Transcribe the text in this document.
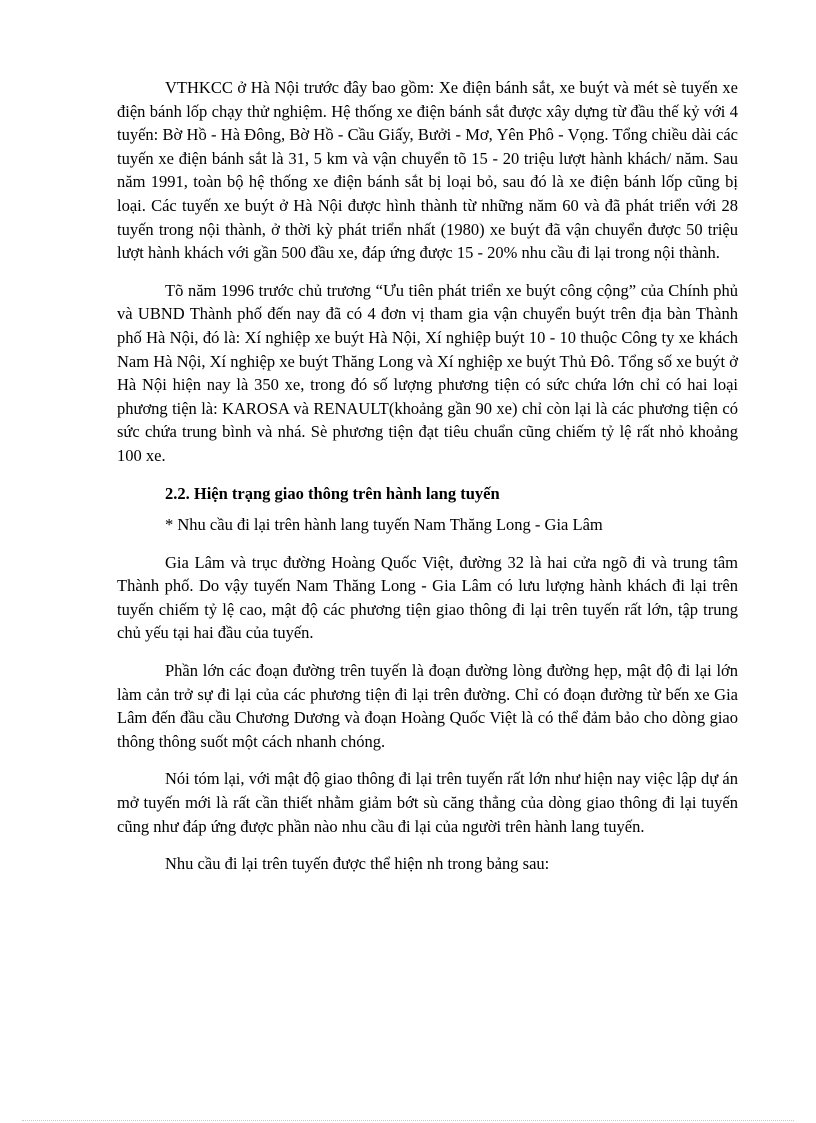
VTHKCC ở Hà Nội trước đây bao gồm: Xe điện bánh sắt, xe buýt và mét sè tuyến xe điện bánh lốp chạy thử nghiệm. Hệ thống xe điện bánh sắt được xây dựng từ đầu thế kỷ với 4 tuyến: Bờ Hồ - Hà Đông, Bờ Hồ - Cầu Giấy, Bưởi - Mơ, Yên Phô - Vọng. Tổng chiều dài các tuyến xe điện bánh sắt là 31, 5 km và vận chuyển tõ 15 - 20 triệu lượt hành khách/ năm. Sau năm 1991, toàn bộ hệ thống xe điện bánh sắt bị loại bỏ, sau đó là xe điện bánh lốp cũng bị loại. Các tuyến xe buýt ở Hà Nội được hình thành từ những năm 60 và đã phát triển với 28 tuyến trong nội thành, ở thời kỳ phát triển nhất (1980) xe buýt đã vận chuyển được 50 triệu lượt hành khách với gần 500 đầu xe, đáp ứng được 15 - 20% nhu cầu đi lại trong nội thành.

Tõ năm 1996 trước chủ trương “Ưu tiên phát triển xe buýt công cộng” của Chính phủ và UBND Thành phố đến nay đã có 4 đơn vị tham gia vận chuyển buýt trên địa bàn Thành phố Hà Nội, đó là: Xí nghiệp xe buýt Hà Nội, Xí nghiệp buýt 10 - 10 thuộc Công ty xe khách Nam Hà Nội, Xí nghiệp xe buýt Thăng Long và Xí nghiệp xe buýt Thủ Đô. Tổng số xe buýt ở Hà Nội hiện nay là 350 xe, trong đó số lượng phương tiện có sức chứa lớn chỉ có hai loại phương tiện là: KAROSA và RENAULT(khoảng gần 90 xe) chỉ còn lại là các phương tiện có sức chứa trung bình và nhá. Sè phương tiện đạt tiêu chuẩn cũng chiếm tỷ lệ rất nhỏ khoảng 100 xe.

2.2. Hiện trạng giao thông trên hành lang tuyến

* Nhu cầu đi lại trên hành lang tuyến Nam Thăng Long - Gia Lâm

Gia Lâm và trục đường Hoàng Quốc Việt, đường 32 là hai cửa ngõ đi và trung tâm Thành phố. Do vậy tuyến Nam Thăng Long - Gia Lâm có lưu lượng hành khách đi lại trên tuyến chiếm tỷ lệ cao, mật độ các phương tiện giao thông đi lại trên tuyến rất lớn, tập trung chủ yếu tại hai đầu của tuyến.

Phần lớn các đoạn đường trên tuyến là đoạn đường lòng đường hẹp, mật độ đi lại lớn làm cản trở sự đi lại của các phương tiện đi lại trên đường. Chỉ có đoạn đường từ bến xe Gia Lâm đến đầu cầu Chương Dương và đoạn Hoàng Quốc Việt là có thể đảm bảo cho dòng giao thông thông suốt một cách nhanh chóng.

Nói tóm lại, với mật độ giao thông đi lại trên tuyến rất lớn như hiện nay việc lập dự án mở tuyến mới là rất cần thiết nhằm giảm bớt sù căng thẳng của dòng giao thông đi lại tuyến cũng như đáp ứng được phần nào nhu cầu đi lại của người trên hành lang tuyến.

Nhu cầu đi lại trên tuyến được thể hiện nh trong bảng sau:
